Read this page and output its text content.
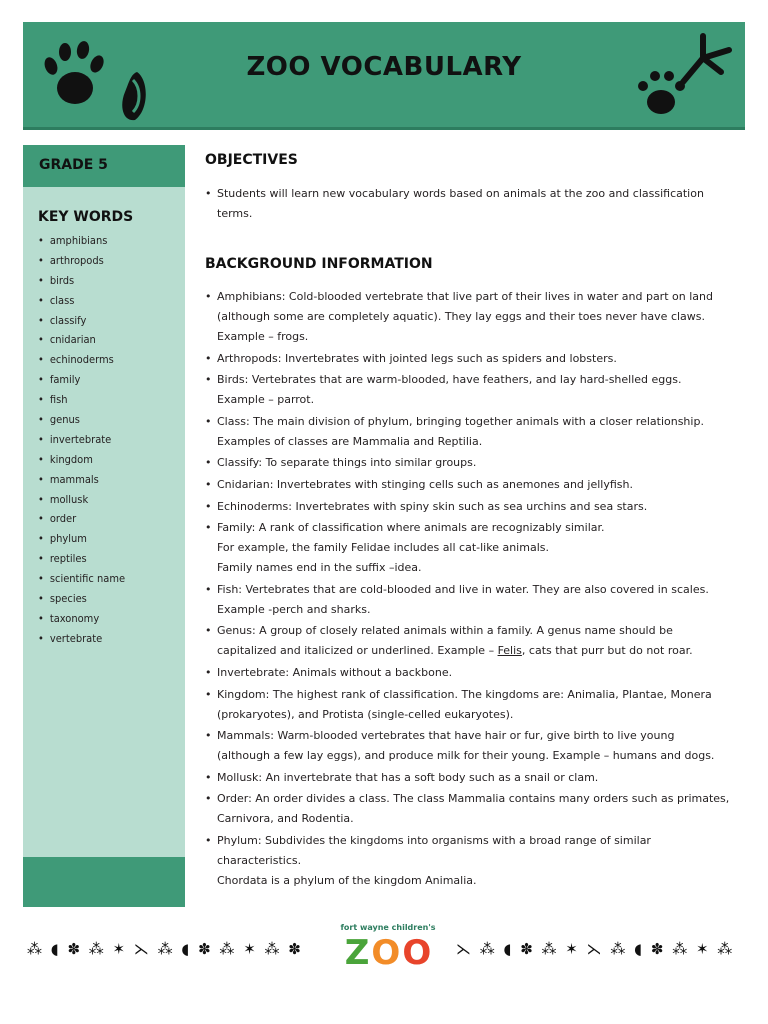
ZOO VOCABULARY
GRADE 5
KEY WORDS
• amphibians
• arthropods
• birds
• class
• classify
• cnidarian
• echinoderms
• family
• fish
• genus
• invertebrate
• kingdom
• mammals
• mollusk
• order
• phylum
• reptiles
• scientific name
• species
• taxonomy
• vertebrate
OBJECTIVES
• Students will learn new vocabulary words based on animals at the zoo and classification terms.
BACKGROUND INFORMATION
• Amphibians: Cold-blooded vertebrate that live part of their lives in water and part on land (although some are completely aquatic). They lay eggs and their toes never have claws.
Example – frogs.
• Arthropods: Invertebrates with jointed legs such as spiders and lobsters.
• Birds: Vertebrates that are warm-blooded, have feathers, and lay hard-shelled eggs.
Example – parrot.
• Class: The main division of phylum, bringing together animals with a closer relationship.
Examples of classes are Mammalia and Reptilia.
• Classify: To separate things into similar groups.
• Cnidarian: Invertebrates with stinging cells such as anemones and jellyfish.
• Echinoderms: Invertebrates with spiny skin such as sea urchins and sea stars.
• Family: A rank of classification where animals are recognizably similar.
For example, the family Felidae includes all cat-like animals.
Family names end in the suffix –idea.
• Fish: Vertebrates that are cold-blooded and live in water. They are also covered in scales.
Example -perch and sharks.
• Genus: A group of closely related animals within a family. A genus name should be capitalized and italicized or underlined. Example – Felis, cats that purr but do not roar.
• Invertebrate: Animals without a backbone.
• Kingdom: The highest rank of classification. The kingdoms are: Animalia, Plantae, Monera (prokaryotes), and Protista (single-celled eukaryotes).
• Mammals: Warm-blooded vertebrates that have hair or fur, give birth to live young
(although a few lay eggs), and produce milk for their young. Example – humans and dogs.
• Mollusk: An invertebrate that has a soft body such as a snail or clam.
• Order: An order divides a class. The class Mammalia contains many orders such as primates, Carnivora, and Rodentia.
• Phylum: Subdivides the kingdoms into organisms with a broad range of similar characteristics.
Chordata is a phylum of the kingdom Animalia.
⁂ ◖ ✽ ⁂ ✶ ⋋ ⁂ ◖ ✽ ⁂ ✶ ⁂ ✽	⋋ ⁂ ◖ ✽ ⁂ ✶ ⋋ ⁂ ◖ ✽ ⁂ ✶ ⁂
fort wayne children's
Z O O
